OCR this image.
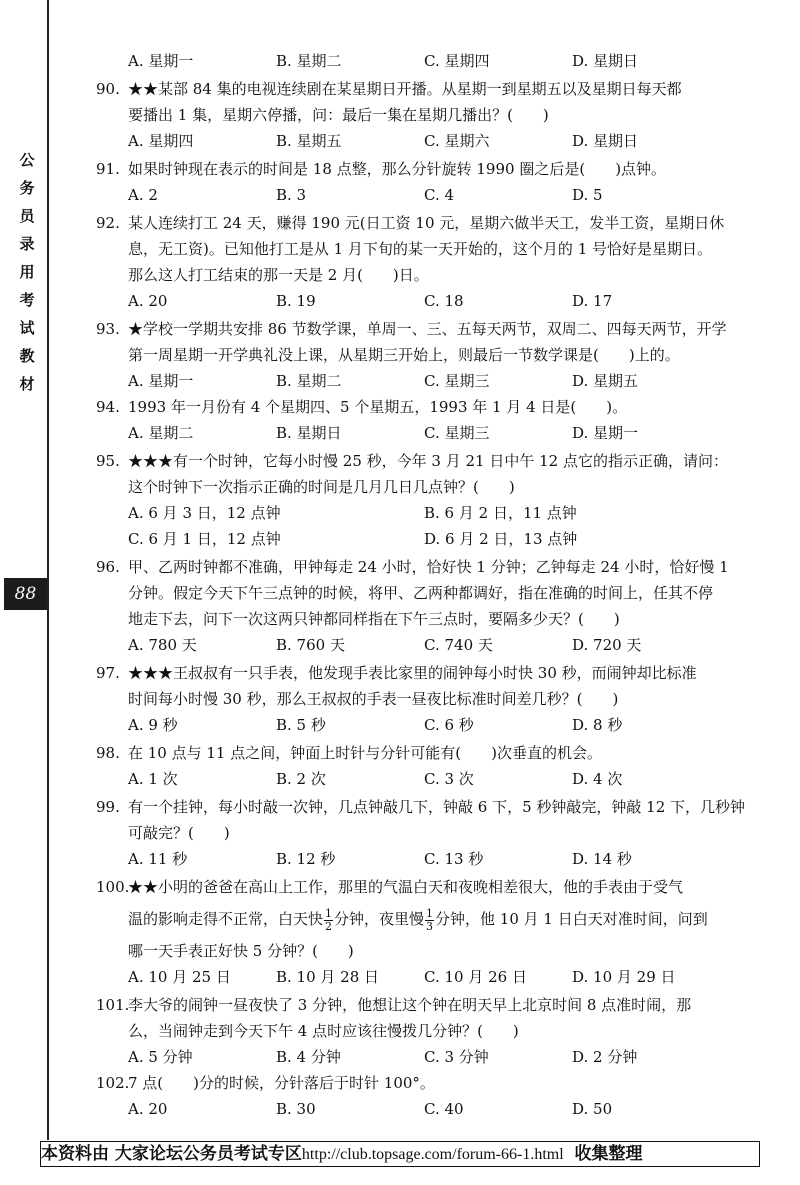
公
务
员
录
用
考
试
教
材
88
A. 星期一	B. 星期二	C. 星期四	D. 星期日
90. ★★某部 84 集的电视连续剧在某星期日开播。从星期一到星期五以及星期日每天都
要播出 1 集，星期六停播，问：最后一集在星期几播出？(　　)
A. 星期四	B. 星期五	C. 星期六	D. 星期日
91. 如果时钟现在表示的时间是 18 点整，那么分针旋转 1990 圈之后是(　　)点钟。
A. 2	B. 3	C. 4	D. 5
92. 某人连续打工 24 天，赚得 190 元(日工资 10 元，星期六做半天工，发半工资，星期日休
息，无工资)。已知他打工是从 1 月下旬的某一天开始的，这个月的 1 号恰好是星期日。
那么这人打工结束的那一天是 2 月(　　)日。
A. 20	B. 19	C. 18	D. 17
93. ★学校一学期共安排 86 节数学课，单周一、三、五每天两节，双周二、四每天两节，开学
第一周星期一开学典礼没上课，从星期三开始上，则最后一节数学课是(　　)上的。
A. 星期一	B. 星期二	C. 星期三	D. 星期五
94. 1993 年一月份有 4 个星期四、5 个星期五，1993 年 1 月 4 日是(　　)。
A. 星期二	B. 星期日	C. 星期三	D. 星期一
95. ★★★有一个时钟，它每小时慢 25 秒，今年 3 月 21 日中午 12 点它的指示正确，请问：
这个时钟下一次指示正确的时间是几月几日几点钟？(　　)
A. 6 月 3 日，12 点钟	B. 6 月 2 日，11 点钟
C. 6 月 1 日，12 点钟	D. 6 月 2 日，13 点钟
96. 甲、乙两时钟都不准确，甲钟每走 24 小时，恰好快 1 分钟；乙钟每走 24 小时，恰好慢 1
分钟。假定今天下午三点钟的时候，将甲、乙两种都调好，指在准确的时间上，任其不停
地走下去，问下一次这两只钟都同样指在下午三点时，要隔多少天？(　　)
A. 780 天	B. 760 天	C. 740 天	D. 720 天
97. ★★★王叔叔有一只手表，他发现手表比家里的闹钟每小时快 30 秒，而闹钟却比标准
时间每小时慢 30 秒，那么王叔叔的手表一昼夜比标准时间差几秒？(　　)
A. 9 秒	B. 5 秒	C. 6 秒	D. 8 秒
98. 在 10 点与 11 点之间，钟面上时针与分针可能有(　　)次垂直的机会。
A. 1 次	B. 2 次	C. 3 次	D. 4 次
99. 有一个挂钟，每小时敲一次钟，几点钟敲几下，钟敲 6 下，5 秒钟敲完，钟敲 12 下，几秒钟
可敲完？(　　)
A. 11 秒	B. 12 秒	C. 13 秒	D. 14 秒
100.
★★小明的爸爸在高山上工作，那里的气温白天和夜晚相差很大，他的手表由于受气
温的影响走得不正常，白天快 $\frac{1}{2}$ 分钟，夜里慢 $\frac{1}{3}$ 分钟，他 10 月 1 日白天对准时间，问到
哪一天手表正好快 5 分钟？(　　)
A. 10 月 25 日	B. 10 月 28 日	C. 10 月 26 日	D. 10 月 29 日
101.
李大爷的闹钟一昼夜快了 3 分钟，他想让这个钟在明天早上北京时间 8 点准时闹，那
么，当闹钟走到今天下午 4 点时应该往慢拨几分钟？(　　)
A. 5 分钟	B. 4 分钟	C. 3 分钟	D. 2 分钟
102.
7 点(　　)分的时候，分针落后于时针 100°。
A. 20	B. 30	C. 40	D. 50
本资料由 大家论坛公务员考试专区http://club.topsage.com/forum-66-1.html 收集整理
